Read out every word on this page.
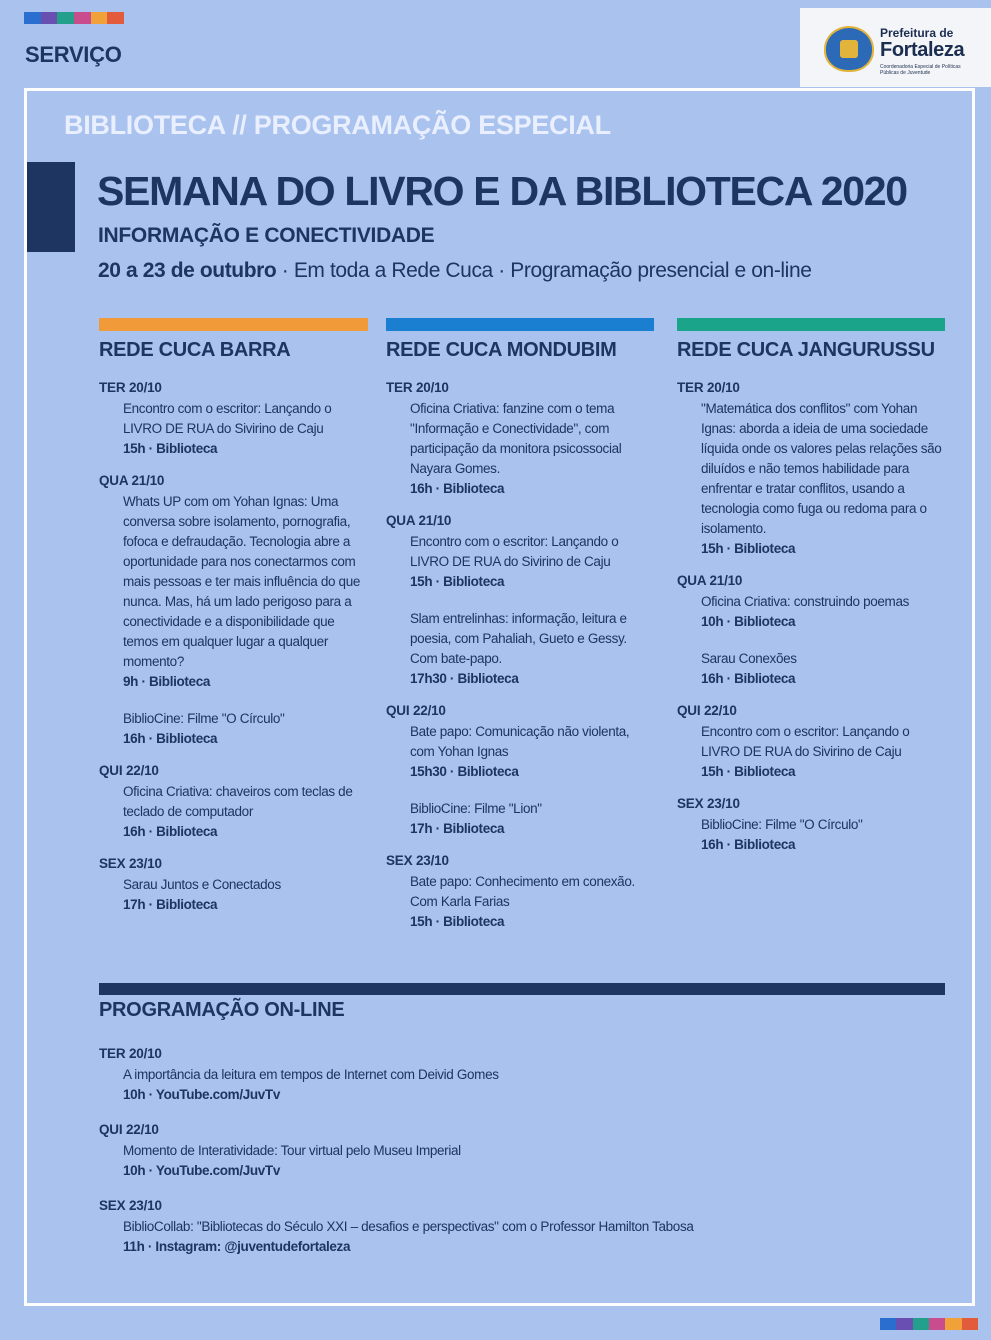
SERVIÇO
Prefeitura de
Fortaleza
Coordenadoria Especial de Políticas Públicas de Juventude
BIBLIOTECA // PROGRAMAÇÃO ESPECIAL
SEMANA DO LIVRO E DA BIBLIOTECA 2020
INFORMAÇÃO E CONECTIVIDADE
20 a 23 de outubro · Em toda a Rede Cuca · Programação presencial e on-line
REDE CUCA BARRA
TER 20/10
Encontro com o escritor: Lançando o LIVRO DE RUA do Sivirino de Caju
15h · Biblioteca
QUA 21/10
Whats UP com om Yohan Ignas: Uma conversa sobre isolamento, pornografia, fofoca e defraudação. Tecnologia abre a oportunidade para nos conectarmos com mais pessoas e ter mais influência do que nunca. Mas, há um lado perigoso para a conectividade e a disponibilidade que temos em qualquer lugar a qualquer momento?
9h · Biblioteca
BiblioCine: Filme "O Círculo"
16h · Biblioteca
QUI 22/10
Oficina Criativa: chaveiros com teclas de teclado de computador
16h · Biblioteca
SEX 23/10
Sarau Juntos e Conectados
17h · Biblioteca
REDE CUCA MONDUBIM
TER 20/10
Oficina Criativa: fanzine com o tema "Informação e Conectividade", com participação da monitora psicossocial Nayara Gomes.
16h · Biblioteca
QUA 21/10
Encontro com o escritor: Lançando o LIVRO DE RUA do Sivirino de Caju
15h · Biblioteca
Slam entrelinhas: informação, leitura e poesia, com Pahaliah, Gueto e Gessy. Com bate-papo.
17h30 · Biblioteca
QUI 22/10
Bate papo: Comunicação não violenta, com Yohan Ignas
15h30 · Biblioteca
BiblioCine: Filme "Lion"
17h · Biblioteca
SEX 23/10
Bate papo: Conhecimento em conexão. Com Karla Farias
15h · Biblioteca
REDE CUCA JANGURUSSU
TER 20/10
"Matemática dos conflitos" com Yohan Ignas: aborda a ideia de uma sociedade líquida onde os valores pelas relações são diluídos e não temos habilidade para enfrentar e tratar conflitos, usando a tecnologia como fuga ou redoma para o isolamento.
15h · Biblioteca
QUA 21/10
Oficina Criativa: construindo poemas
10h · Biblioteca
Sarau Conexões
16h · Biblioteca
QUI 22/10
Encontro com o escritor: Lançando o LIVRO DE RUA do Sivirino de Caju
15h · Biblioteca
SEX 23/10
BiblioCine: Filme "O Círculo"
16h · Biblioteca
PROGRAMAÇÃO ON-LINE
TER 20/10
A importância da leitura em tempos de Internet com Deivid Gomes
10h · YouTube.com/JuvTv
QUI 22/10
Momento de Interatividade: Tour virtual pelo Museu Imperial
10h · YouTube.com/JuvTv
SEX 23/10
BiblioCollab: "Bibliotecas do Século XXI – desafios e perspectivas" com o Professor Hamilton Tabosa
11h · Instagram: @juventudefortaleza
